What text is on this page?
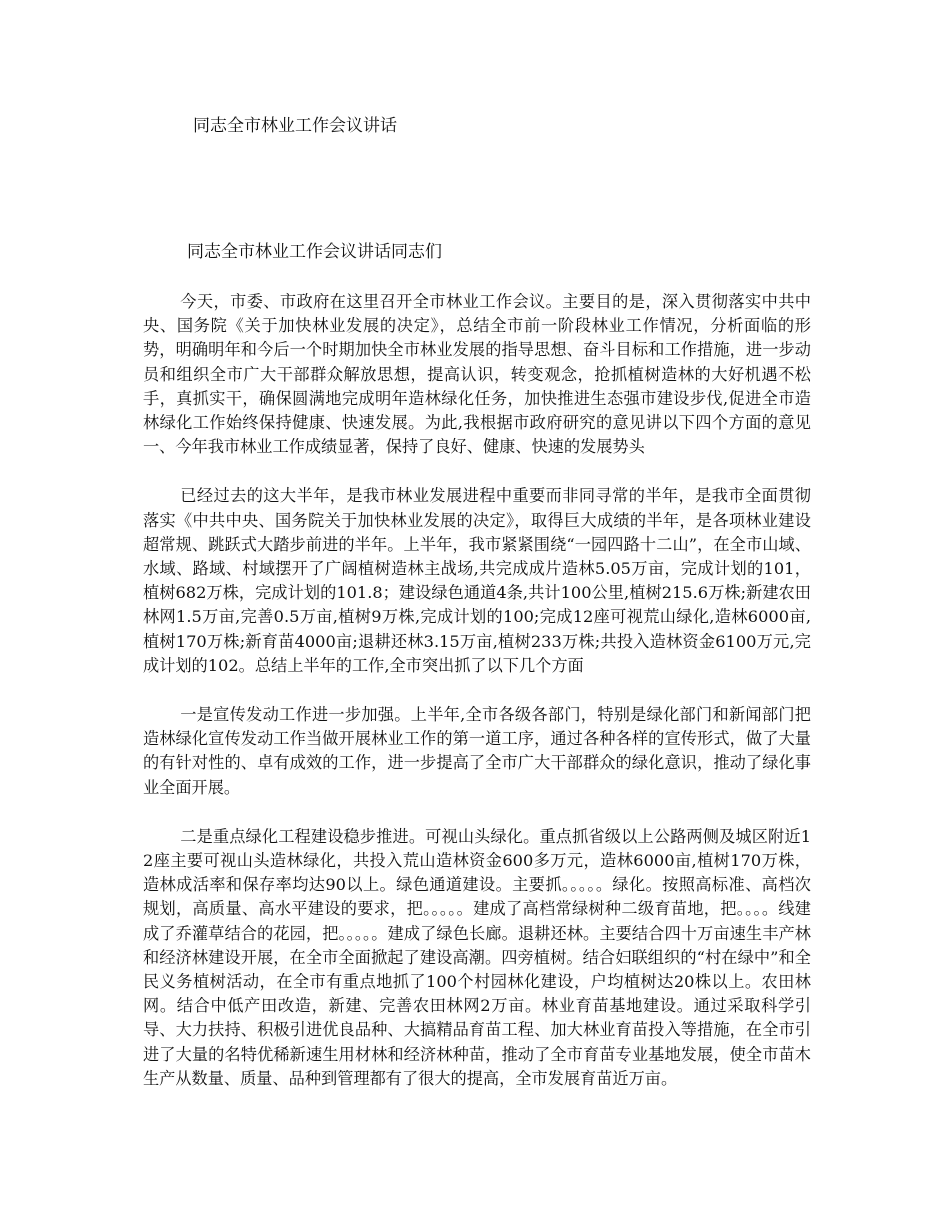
同志全市林业工作会议讲话

同志全市林业工作会议讲话同志们

今天，市委、市政府在这里召开全市林业工作会议。主要目的是，深入贯彻落实中共中央、国务院《关于加快林业发展的决定》，总结全市前一阶段林业工作情况，分析面临的形势，明确明年和今后一个时期加快全市林业发展的指导思想、奋斗目标和工作措施，进一步动员和组织全市广大干部群众解放思想，提高认识，转变观念，抢抓植树造林的大好机遇不松手，真抓实干，确保圆满地完成明年造林绿化任务，加快推进生态强市建设步伐,促进全市造林绿化工作始终保持健康、快速发展。为此,我根据市政府研究的意见讲以下四个方面的意见一、今年我市林业工作成绩显著，保持了良好、健康、快速的发展势头

已经过去的这大半年，是我市林业发展进程中重要而非同寻常的半年，是我市全面贯彻落实《中共中央、国务院关于加快林业发展的决定》，取得巨大成绩的半年，是各项林业建设超常规、跳跃式大踏步前进的半年。上半年，我市紧紧围绕“一园四路十二山”，在全市山域、水域、路域、村域摆开了广阔植树造林主战场,共完成成片造林5.05万亩，完成计划的101，植树682万株，完成计划的101.8；建设绿色通道4条,共计100公里,植树215.6万株;新建农田林网1.5万亩,完善0.5万亩,植树9万株,完成计划的100;完成12座可视荒山绿化,造林6000亩,植树170万株;新育苗4000亩;退耕还林3.15万亩,植树233万株;共投入造林资金6100万元,完成计划的102。总结上半年的工作,全市突出抓了以下几个方面

一是宣传发动工作进一步加强。上半年,全市各级各部门，特别是绿化部门和新闻部门把造林绿化宣传发动工作当做开展林业工作的第一道工序，通过各种各样的宣传形式，做了大量的有针对性的、卓有成效的工作，进一步提高了全市广大干部群众的绿化意识，推动了绿化事业全面开展。

二是重点绿化工程建设稳步推进。可视山头绿化。重点抓省级以上公路两侧及城区附近12座主要可视山头造林绿化，共投入荒山造林资金600多万元，造林6000亩,植树170万株，造林成活率和保存率均达90以上。绿色通道建设。主要抓。。。。。绿化。按照高标准、高档次规划，高质量、高水平建设的要求，把。。。。。建成了高档常绿树种二级育苗地，把。。。。线建成了乔灌草结合的花园，把。。。。。建成了绿色长廊。退耕还林。主要结合四十万亩速生丰产林和经济林建设开展，在全市全面掀起了建设高潮。四旁植树。结合妇联组织的“村在绿中”和全民义务植树活动，在全市有重点地抓了100个村园林化建设，户均植树达20株以上。农田林网。结合中低产田改造，新建、完善农田林网2万亩。林业育苗基地建设。通过采取科学引导、大力扶持、积极引进优良品种、大搞精品育苗工程、加大林业育苗投入等措施，在全市引进了大量的名特优稀新速生用材林和经济林种苗，推动了全市育苗专业基地发展，使全市苗木生产从数量、质量、品种到管理都有了很大的提高，全市发展育苗近万亩。
